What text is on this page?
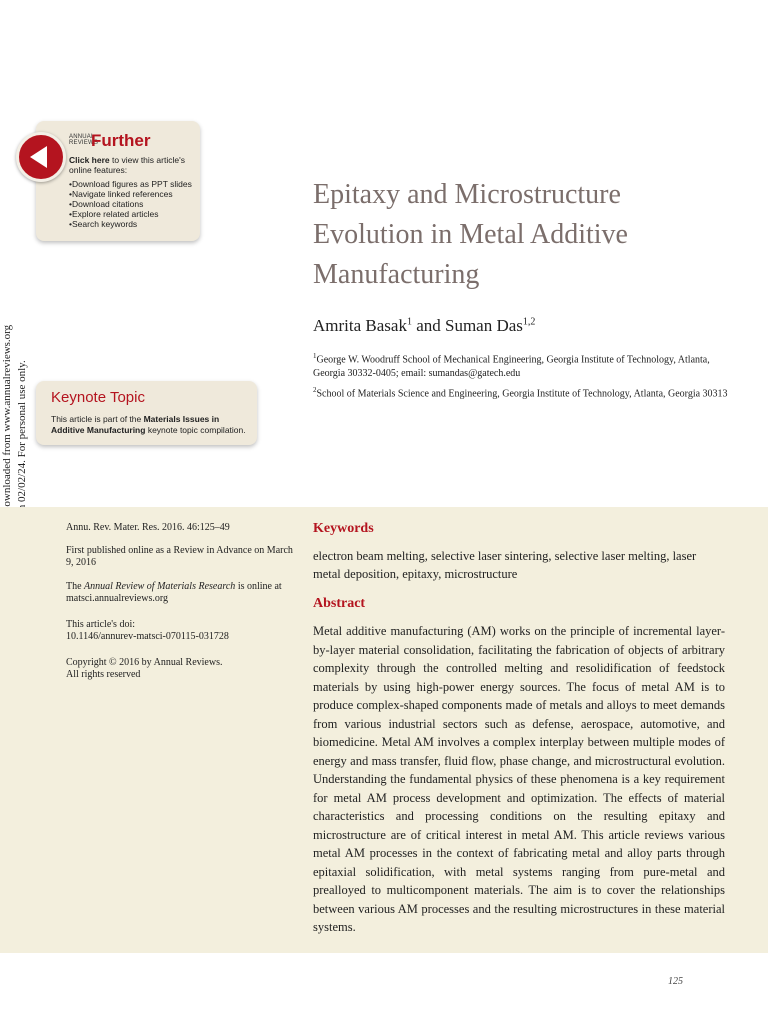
ANNUAL
REVIEWS
Further
Click here to view this article's online features:
• Download figures as PPT slides
• Navigate linked references
• Download citations
• Explore related articles
• Search keywords
Keynote Topic
This article is part of the Materials Issues in Additive Manufacturing keynote topic compilation.
Epitaxy and Microstructure
Evolution in Metal Additive
Manufacturing
Amrita Basak$^1$ and Suman Das$^{1,2}$
$^1$George W. Woodruff School of Mechanical Engineering, Georgia Institute of Technology, Atlanta, Georgia 30332-0405; email: sumandas@gatech.edu
$^2$School of Materials Science and Engineering, Georgia Institute of Technology, Atlanta, Georgia 30313
Annu. Rev. Mater. Res. 2016. 46:125–49
First published online as a Review in Advance on March 9, 2016
The Annual Review of Materials Research is online at matsci.annualreviews.org
This article's doi:
10.1146/annurev-matsci-070115-031728
Copyright © 2016 by Annual Reviews.
All rights reserved
Keywords
electron beam melting, selective laser sintering, selective laser melting, laser metal deposition, epitaxy, microstructure
Abstract
Metal additive manufacturing (AM) works on the principle of incremental layer-by-layer material consolidation, facilitating the fabrication of objects of arbitrary complexity through the controlled melting and resolidification of feedstock materials by using high-power energy sources. The focus of metal AM is to produce complex-shaped components made of metals and alloys to meet demands from various industrial sectors such as defense, aerospace, automotive, and biomedicine. Metal AM involves a complex interplay between multiple modes of energy and mass transfer, fluid flow, phase change, and microstructural evolution. Understanding the fundamental physics of these phenomena is a key requirement for metal AM process development and optimization. The effects of material characteristics and processing conditions on the resulting epitaxy and microstructure are of critical interest in metal AM. This article reviews various metal AM processes in the context of fabricating metal and alloy parts through epitaxial solidification, with metal systems ranging from pure-metal and prealloyed to multicomponent materials. The aim is to cover the relationships between various AM processes and the resulting microstructures in these material systems.
125
